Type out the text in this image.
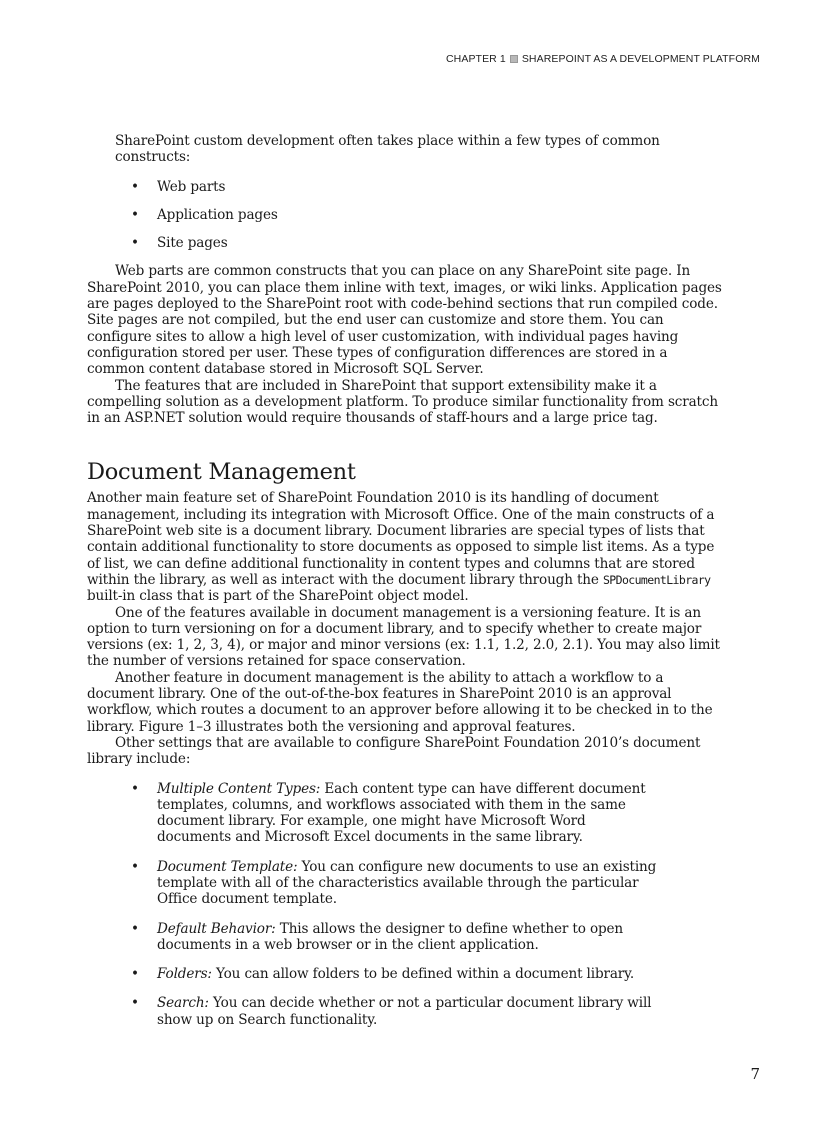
CHAPTER 1 SHAREPOINT AS A DEVELOPMENT PLATFORM

SharePoint custom development often takes place within a few types of common constructs:

• Web parts
• Application pages
• Site pages

Web parts are common constructs that you can place on any SharePoint site page. In SharePoint 2010, you can place them inline with text, images, or wiki links. Application pages are pages deployed to the SharePoint root with code-behind sections that run compiled code. Site pages are not compiled, but the end user can customize and store them. You can configure sites to allow a high level of user customization, with individual pages having configuration stored per user. These types of configuration differences are stored in a common content database stored in Microsoft SQL Server.

The features that are included in SharePoint that support extensibility make it a compelling solution as a development platform. To produce similar functionality from scratch in an ASP.NET solution would require thousands of staff-hours and a large price tag.

Document Management

Another main feature set of SharePoint Foundation 2010 is its handling of document management, including its integration with Microsoft Office. One of the main constructs of a SharePoint web site is a document library. Document libraries are special types of lists that contain additional functionality to store documents as opposed to simple list items. As a type of list, we can define additional functionality in content types and columns that are stored within the library, as well as interact with the document library through the SPDocumentLibrary built-in class that is part of the SharePoint object model.

One of the features available in document management is a versioning feature. It is an option to turn versioning on for a document library, and to specify whether to create major versions (ex: 1, 2, 3, 4), or major and minor versions (ex: 1.1, 1.2, 2.0, 2.1). You may also limit the number of versions retained for space conservation.

Another feature in document management is the ability to attach a workflow to a document library. One of the out-of-the-box features in SharePoint 2010 is an approval workflow, which routes a document to an approver before allowing it to be checked in to the library. Figure 1–3 illustrates both the versioning and approval features.

Other settings that are available to configure SharePoint Foundation 2010’s document library include:

• Multiple Content Types: Each content type can have different document templates, columns, and workflows associated with them in the same document library. For example, one might have Microsoft Word documents and Microsoft Excel documents in the same library.
• Document Template: You can configure new documents to use an existing template with all of the characteristics available through the particular Office document template.
• Default Behavior: This allows the designer to define whether to open documents in a web browser or in the client application.
• Folders: You can allow folders to be defined within a document library.
• Search: You can decide whether or not a particular document library will show up on Search functionality.
7
